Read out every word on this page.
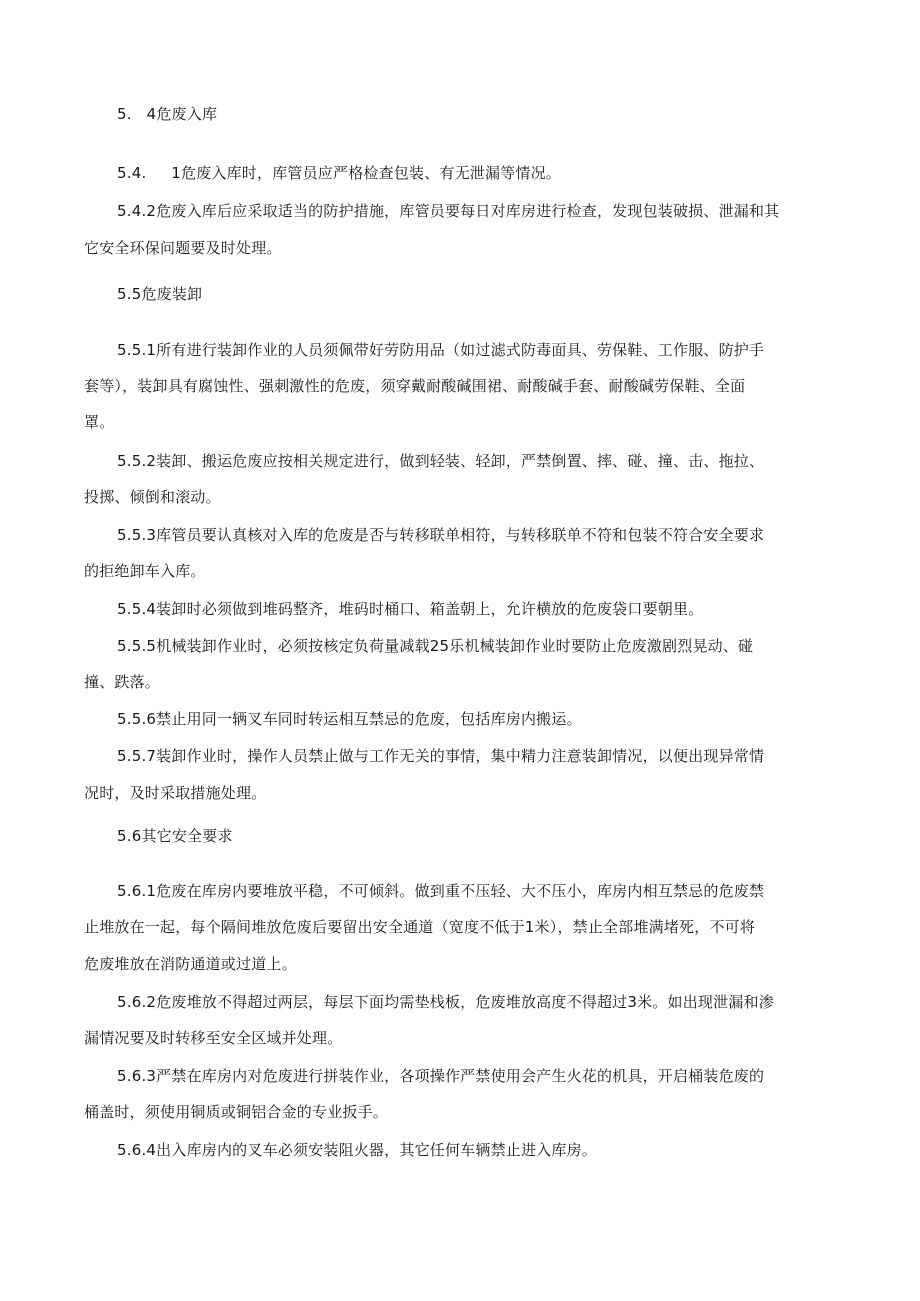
5.   4危废入库
5.4.     1危废入库时，库管员应严格检查包装、有无泄漏等情况。
5.4.2危废入库后应采取适当的防护措施，库管员要每日对库房进行检查，发现包装破损、泄漏和其
它安全环保问题要及时处理。
5.5危废装卸
5.5.1所有进行装卸作业的人员须佩带好劳防用品（如过滤式防毒面具、劳保鞋、工作服、防护手
套等），装卸具有腐蚀性、强刺激性的危废，须穿戴耐酸碱围裙、耐酸碱手套、耐酸碱劳保鞋、全面
罩。
5.5.2装卸、搬运危废应按相关规定进行，做到轻装、轻卸，严禁倒置、摔、碰、撞、击、拖拉、
投掷、倾倒和滚动。
5.5.3库管员要认真核对入库的危废是否与转移联单相符，与转移联单不符和包装不符合安全要求
的拒绝卸车入库。
5.5.4装卸时必须做到堆码整齐，堆码时桶口、箱盖朝上，允许横放的危废袋口要朝里。
5.5.5机械装卸作业时，必须按核定负荷量减载25乐机械装卸作业时要防止危废激剧烈晃动、碰
撞、跌落。
5.5.6禁止用同一辆叉车同时转运相互禁忌的危废，包括库房内搬运。
5.5.7装卸作业时，操作人员禁止做与工作无关的事情，集中精力注意装卸情况，以便出现异常情
况时，及时采取措施处理。
5.6其它安全要求
5.6.1危废在库房内要堆放平稳，不可倾斜。做到重不压轻、大不压小，库房内相互禁忌的危废禁
止堆放在一起，每个隔间堆放危废后要留出安全通道（宽度不低于1米），禁止全部堆满堵死，不可将
危废堆放在消防通道或过道上。
5.6.2危废堆放不得超过两层，每层下面均需垫栈板，危废堆放高度不得超过3米。如出现泄漏和渗
漏情况要及时转移至安全区域并处理。
5.6.3严禁在库房内对危废进行拼装作业，各项操作严禁使用会产生火花的机具，开启桶装危废的
桶盖时，须使用铜质或铜铝合金的专业扳手。
5.6.4出入库房内的叉车必须安装阻火器，其它任何车辆禁止进入库房。
